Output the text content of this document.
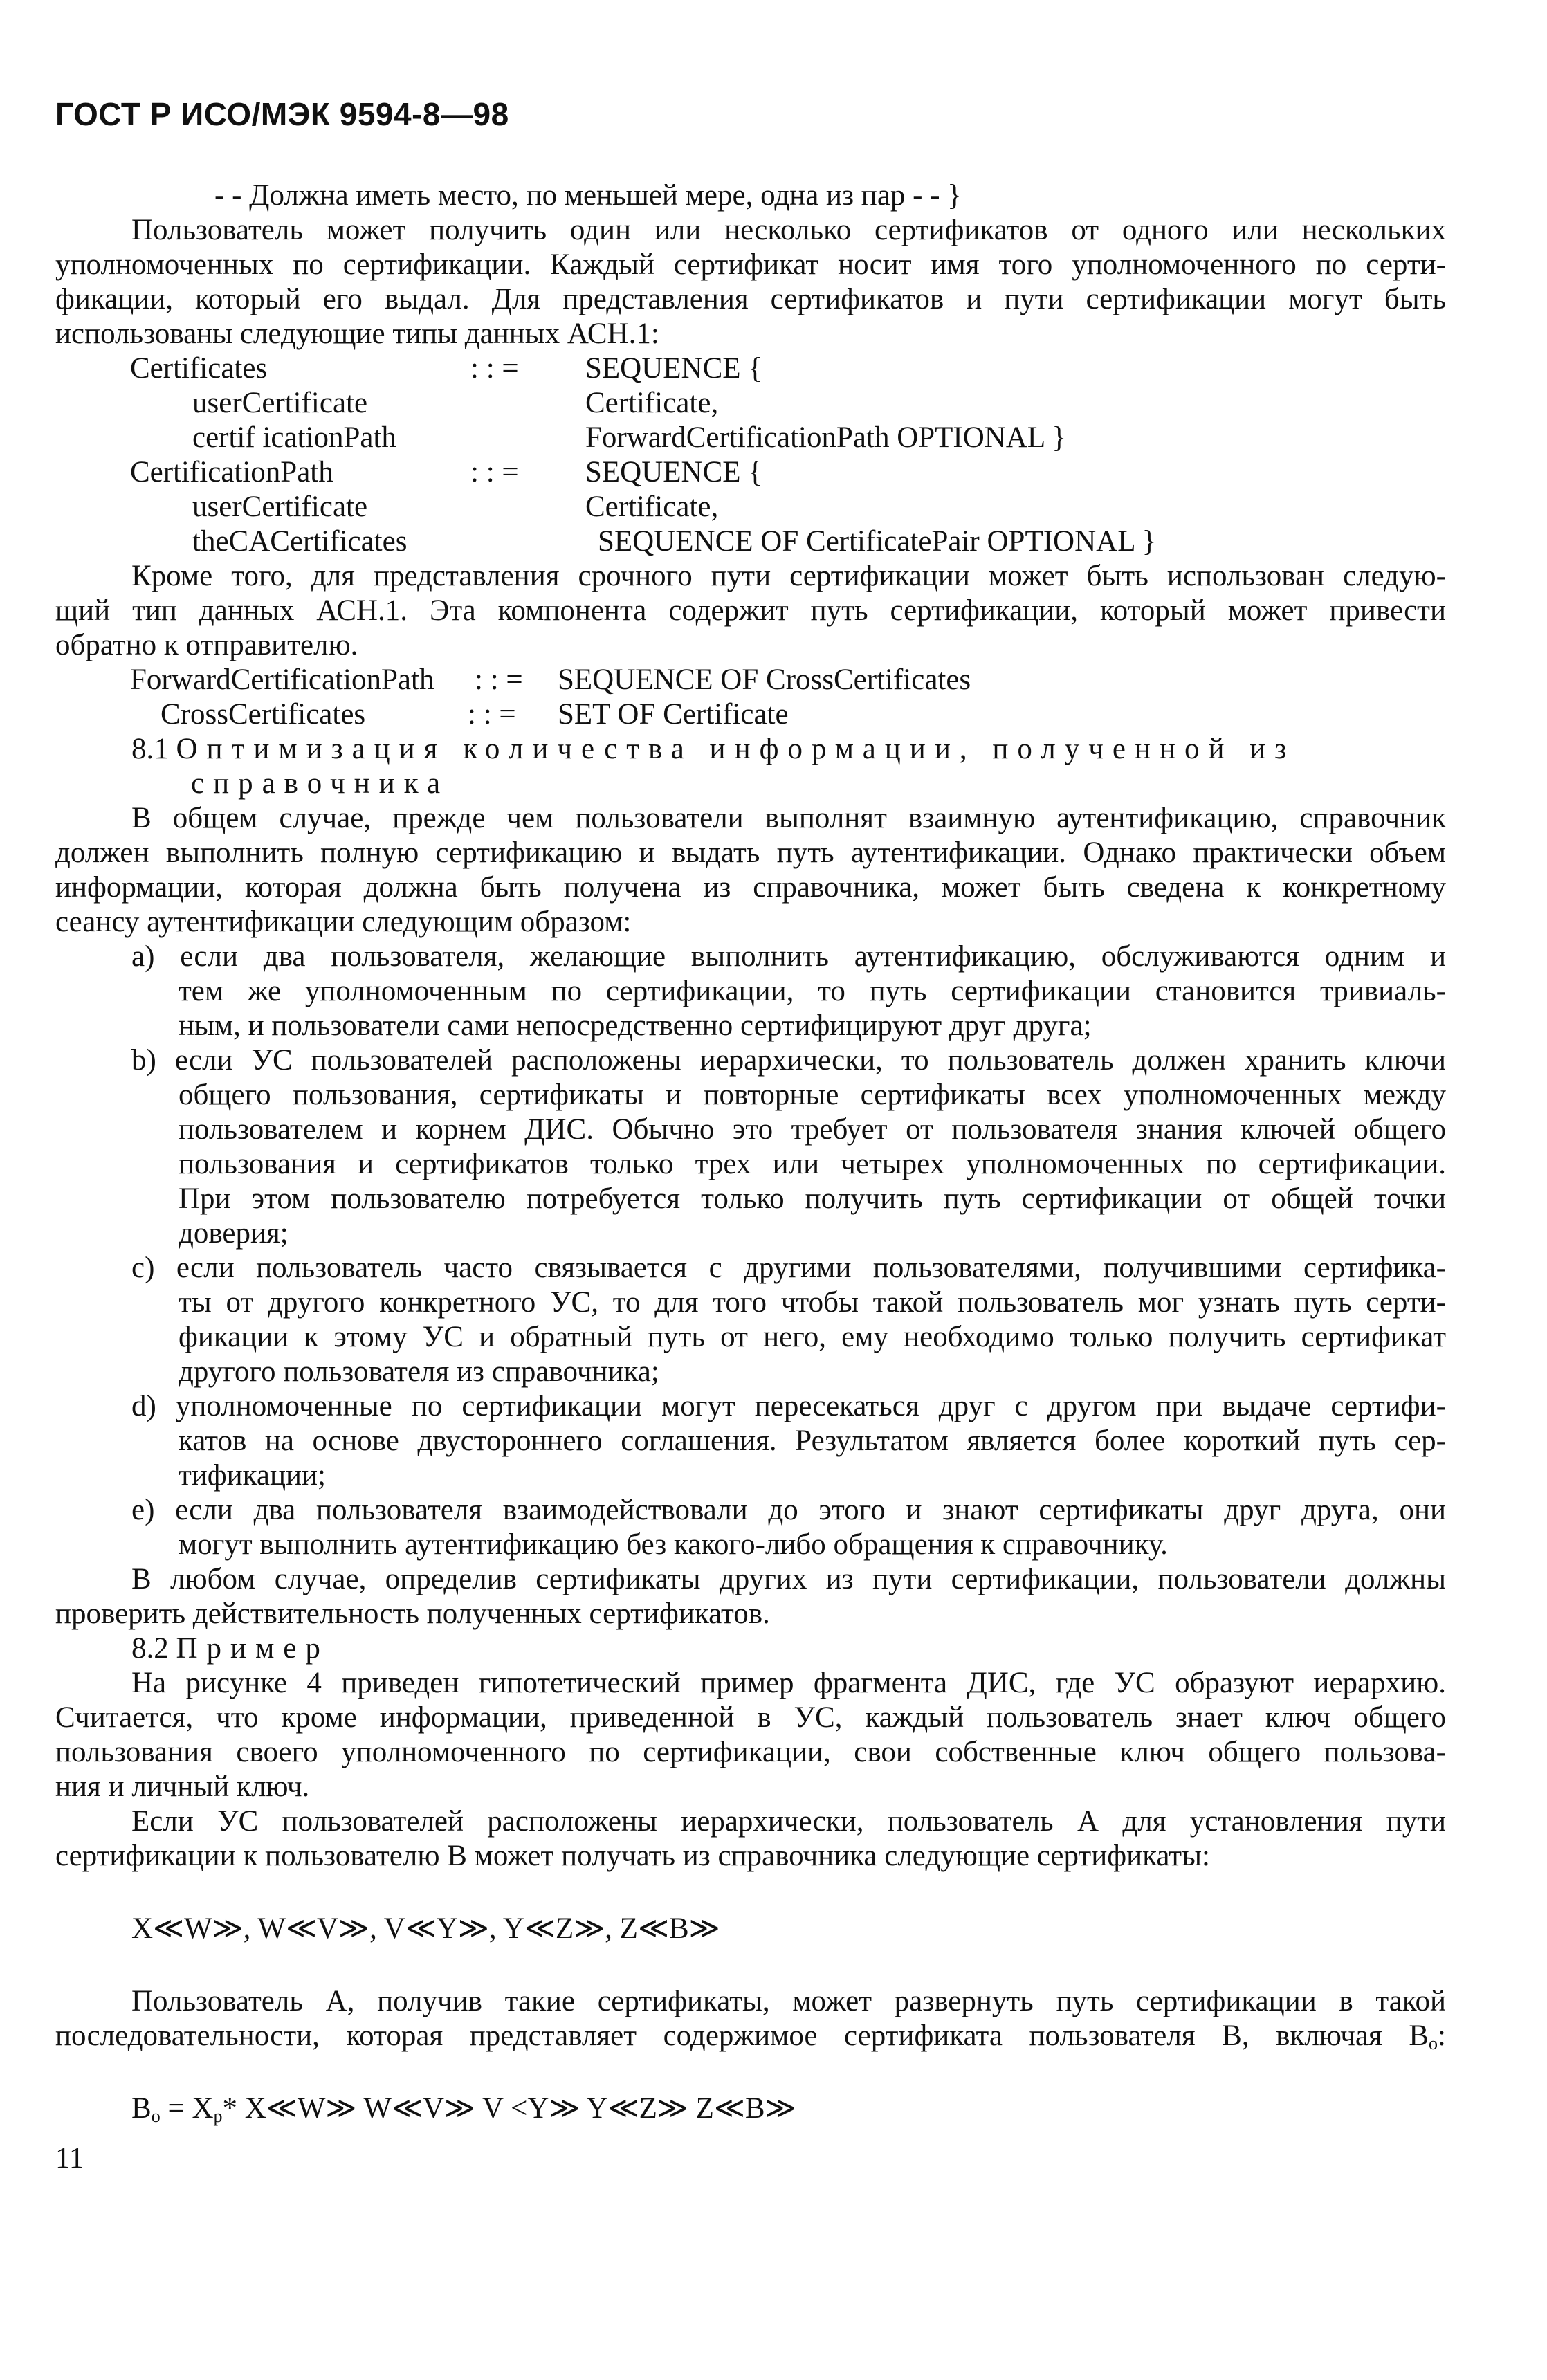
ГОСТ Р ИСО/МЭК 9594-8—98
- - Должна иметь место, по меньшей мере, одна из пар - - }
Пользователь может получить один или несколько сертификатов от одного или нескольких
уполномоченных по сертификации. Каждый сертификат носит имя того уполномоченного по серти-
фикации, который его выдал. Для представления сертификатов и пути сертификации могут быть
использованы следующие типы данных АСН.1:
Certificates	: : = SEQUENCE {
userCertificate	Certificate,
certif icationPath	ForwardCertificationPath OPTIONAL }
CertificationPath	: : = SEQUENCE {
userCertificate	Certificate,
theCACertificates	SEQUENCE OF CertificatePair OPTIONAL }
Кроме того, для представления срочного пути сертификации может быть использован следую-
щий тип данных АСН.1. Эта компонента содержит путь сертификации, который может привести
обратно к отправителю.
ForwardCertificationPath : : = SEQUENCE OF CrossCertificates
CrossCertificates	: : = SET OF Certificate
8.1 Оптимизация количества информации, полученной из
справочника
В общем случае, прежде чем пользователи выполнят взаимную аутентификацию, справочник
должен выполнить полную сертификацию и выдать путь аутентификации. Однако практически объем
информации, которая должна быть получена из справочника, может быть сведена к конкретному
сеансу аутентификации следующим образом:
a) если два пользователя, желающие выполнить аутентификацию, обслуживаются одним и
тем же уполномоченным по сертификации, то путь сертификации становится тривиаль-
ным, и пользователи сами непосредственно сертифицируют друг друга;
b) если УС пользователей расположены иерархически, то пользователь должен хранить ключи
общего пользования, сертификаты и повторные сертификаты всех уполномоченных между
пользователем и корнем ДИС. Обычно это требует от пользователя знания ключей общего
пользования и сертификатов только трех или четырех уполномоченных по сертификации.
При этом пользователю потребуется только получить путь сертификации от общей точки
доверия;
c) если пользователь часто связывается с другими пользователями, получившими сертифика-
ты от другого конкретного УС, то для того чтобы такой пользователь мог узнать путь серти-
фикации к этому УС и обратный путь от него, ему необходимо только получить сертификат
другого пользователя из справочника;
d) уполномоченные по сертификации могут пересекаться друг с другом при выдаче сертифи-
катов на основе двустороннего соглашения. Результатом является более короткий путь сер-
тификации;
e) если два пользователя взаимодействовали до этого и знают сертификаты друг друга, они
могут выполнить аутентификацию без какого-либо обращения к справочнику.
В любом случае, определив сертификаты других из пути сертификации, пользователи должны
проверить действительность полученных сертификатов.
8.2 Пример
На рисунке 4 приведен гипотетический пример фрагмента ДИС, где УС образуют иерархию.
Считается, что кроме информации, приведенной в УС, каждый пользователь знает ключ общего
пользования своего уполномоченного по сертификации, свои собственные ключ общего пользова-
ния и личный ключ.
Если УС пользователей расположены иерархически, пользователь А для установления пути
сертификации к пользователю В может получать из справочника следующие сертификаты:
X≪W≫, W≪V≫, V≪Y≫, Y≪Z≫, Z≪B≫
Пользователь А, получив такие сертификаты, может развернуть путь сертификации в такой
последовательности, которая представляет содержимое сертификата пользователя В, включая $B_o$:
$B_o = X_p*$ X≪W≫ W≪V≫ V <Y≫ Y≪Z≫ Z≪B≫
11
